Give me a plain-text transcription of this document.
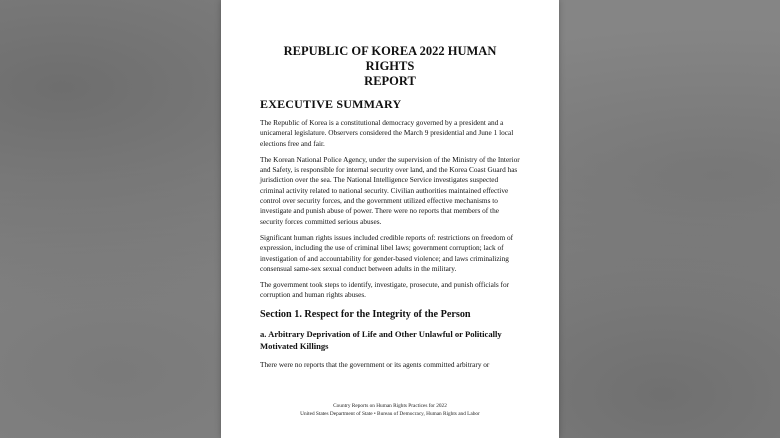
REPUBLIC OF KOREA 2022 HUMAN RIGHTS
REPORT
EXECUTIVE SUMMARY

The Republic of Korea is a constitutional democracy governed by a president and a unicameral legislature. Observers considered the March 9 presidential and June 1 local elections free and fair.

The Korean National Police Agency, under the supervision of the Ministry of the Interior and Safety, is responsible for internal security over land, and the Korea Coast Guard has jurisdiction over the sea. The National Intelligence Service investigates suspected criminal activity related to national security. Civilian authorities maintained effective control over security forces, and the government utilized effective mechanisms to investigate and punish abuse of power. There were no reports that members of the security forces committed serious abuses.

Significant human rights issues included credible reports of: restrictions on freedom of expression, including the use of criminal libel laws; government corruption; lack of investigation of and accountability for gender-based violence; and laws criminalizing consensual same-sex sexual conduct between adults in the military.

The government took steps to identify, investigate, prosecute, and punish officials for corruption and human rights abuses.

Section 1. Respect for the Integrity of the Person
a. Arbitrary Deprivation of Life and Other Unlawful or Politically
Motivated Killings

There were no reports that the government or its agents committed arbitrary or

Country Reports on Human Rights Practices for 2022
United States Department of State • Bureau of Democracy, Human Rights and Labor
